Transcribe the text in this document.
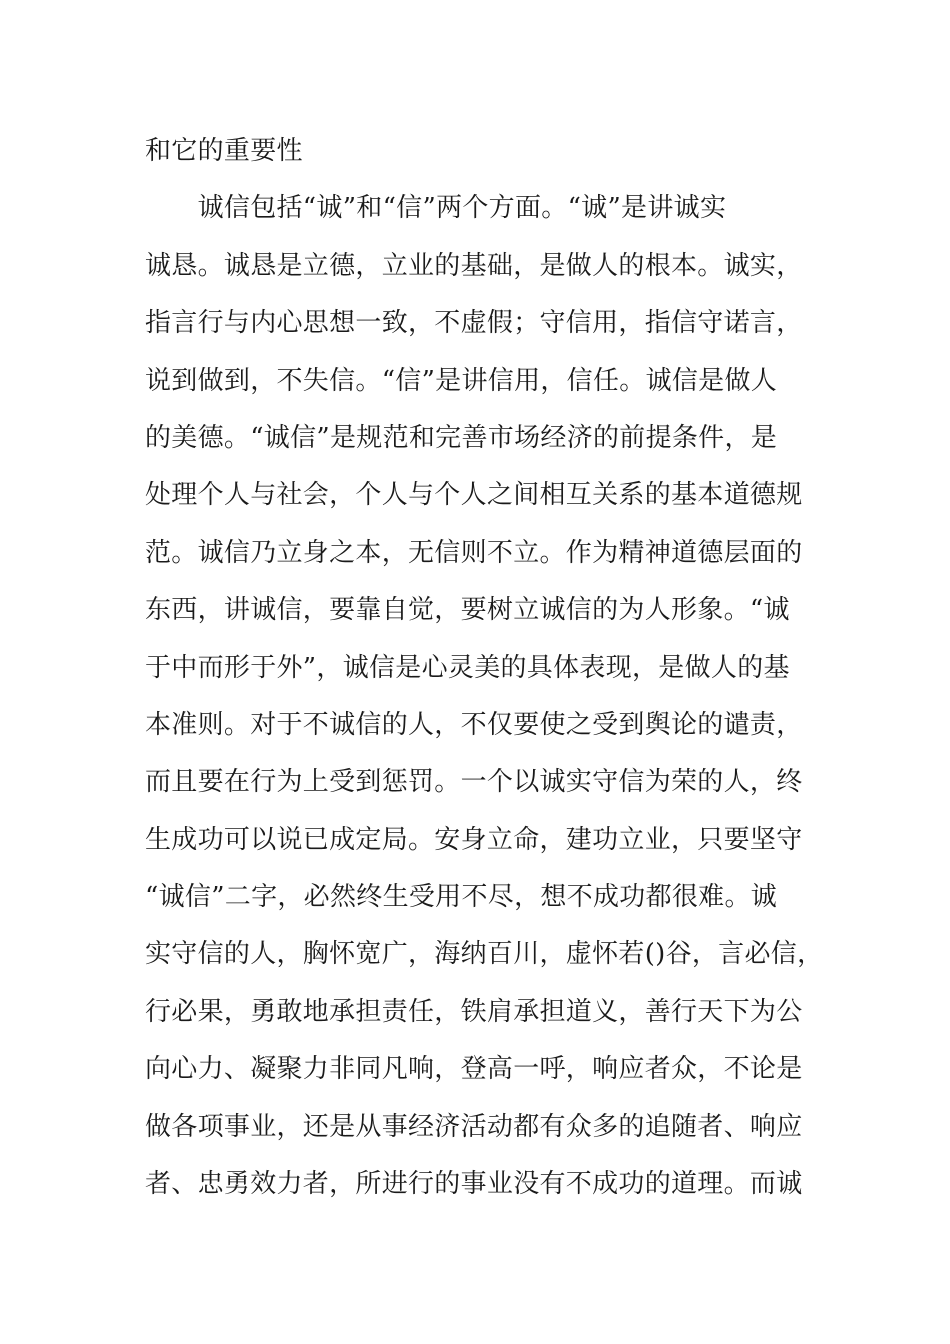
和它的重要性
　　诚信包括“诚”和“信”两个方面。“诚”是讲诚实
诚恳。诚恳是立德，立业的基础，是做人的根本。诚实，
指言行与内心思想一致，不虚假；守信用，指信守诺言，
说到做到，不失信。“信”是讲信用，信任。诚信是做人
的美德。“诚信”是规范和完善市场经济的前提条件，是
处理个人与社会，个人与个人之间相互关系的基本道德规
范。诚信乃立身之本，无信则不立。作为精神道德层面的
东西，讲诚信，要靠自觉，要树立诚信的为人形象。“诚
于中而形于外”，诚信是心灵美的具体表现，是做人的基
本准则。对于不诚信的人，不仅要使之受到舆论的谴责，
而且要在行为上受到惩罚。一个以诚实守信为荣的人，终
生成功可以说已成定局。安身立命，建功立业，只要坚守
“诚信”二字，必然终生受用不尽，想不成功都很难。诚
实守信的人，胸怀宽广，海纳百川，虚怀若()谷，言必信，
行必果，勇敢地承担责任，铁肩承担道义，善行天下为公
向心力、凝聚力非同凡响，登高一呼，响应者众，不论是
做各项事业，还是从事经济活动都有众多的追随者、响应
者、忠勇效力者，所进行的事业没有不成功的道理。而诚
